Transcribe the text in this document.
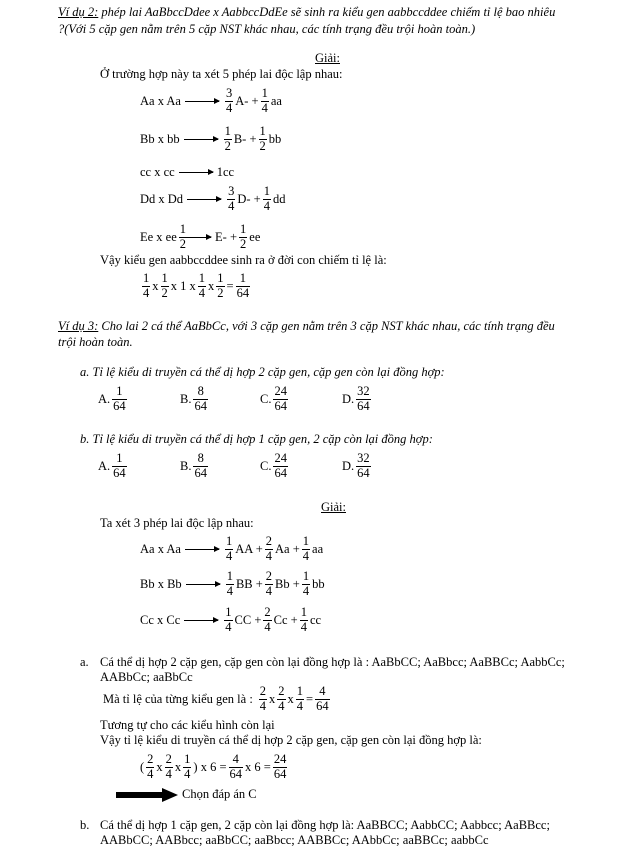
Ví dụ 2: phép lai AaBbccDdee x AabbccDdEe sẽ sinh ra kiểu gen aabbccddee chiếm tỉ lệ bao nhiêu
?(Với 5 cặp gen nằm trên 5 cặp NST khác nhau, các tính trạng đều trội hoàn toàn.)
Giải:
Ở trường hợp này ta xét 5 phép lai độc lập nhau:
Aa x Aa	$\frac{3}{4} A- + \frac{1}{4}$ aa
Bb x bb	$\frac{1}{2} B- + \frac{1}{2}$ bb
cc x cc	1cc
Dd x Dd	$\frac{3}{4} D- + \frac{1}{4}$ dd
Ee x ee $\frac{1}{2} E- + \frac{1}{2}$ ee
Vậy kiểu gen aabbccddee sinh ra ở đời con chiếm tỉ lệ là:
$\frac{1}{4}$ x $\frac{1}{2}$ x 1 x $\frac{1}{4}$ x $\frac{1}{2} = \frac{1}{64}$
Ví dụ 3: Cho lai 2 cá thể AaBbCc, với 3 cặp gen nằm trên 3 cặp NST khác nhau, các tính trạng đều
trội hoàn toàn.
a. Tỉ lệ kiểu di truyền cá thể dị hợp 2 cặp gen, cặp gen còn lại đồng hợp:
A. $\frac{1}{64}$	B. $\frac{8}{64}$	C. $\frac{24}{64}$	D. $\frac{32}{64}$
b. Tỉ lệ kiểu di truyền cá thể dị hợp 1 cặp gen, 2 cặp còn lại đồng hợp:
A. $\frac{1}{64}$	B. $\frac{8}{64}$	C. $\frac{24}{64}$	D. $\frac{32}{64}$
Giải:
Ta xét 3 phép lai độc lập nhau:
Aa x Aa	$\frac{1}{4}$ AA + $\frac{2}{4}$ $Aa + \frac{1}{4}$ aa
Bb x Bb	$\frac{1}{4}$ BB + $\frac{2}{4}$ $Bb + \frac{1}{4}$ bb
Cc x Cc	$\frac{1}{4}$ CC + $\frac{2}{4}$ $Cc + \frac{1}{4}$ cc
a. Cá thể dị hợp 2 cặp gen, cặp gen còn lại đồng hợp là : AaBbCC; AaBbcc; AaBBCc; AabbCc;
AABbCc; aaBbCc
Mà tỉ lệ của từng kiểu gen là : $\frac{2}{4}$ x $\frac{2}{4}$ x $\frac{1}{4} = \frac{4}{64}$
Tương tự cho các kiểu hình còn lại
Vậy tỉ lệ kiểu di truyền cá thể dị hợp 2 cặp gen, cặp gen còn lại đồng hợp là:
( $\frac{2}{4}$ x $\frac{2}{4}$ x $\frac{1}{4}$ ) x $6 = \frac{4}{64}$ x $6 = \frac{24}{64}$
Chọn đáp án C
b. Cá thể dị hợp 1 cặp gen, 2 cặp còn lại đồng hợp là: AaBBCC; AabbCC; Aabbcc; AaBBcc;
AABbCC; AABbcc; aaBbCC; aaBbcc; AABBCc; AAbbCc; aaBBCc; aabbCc
